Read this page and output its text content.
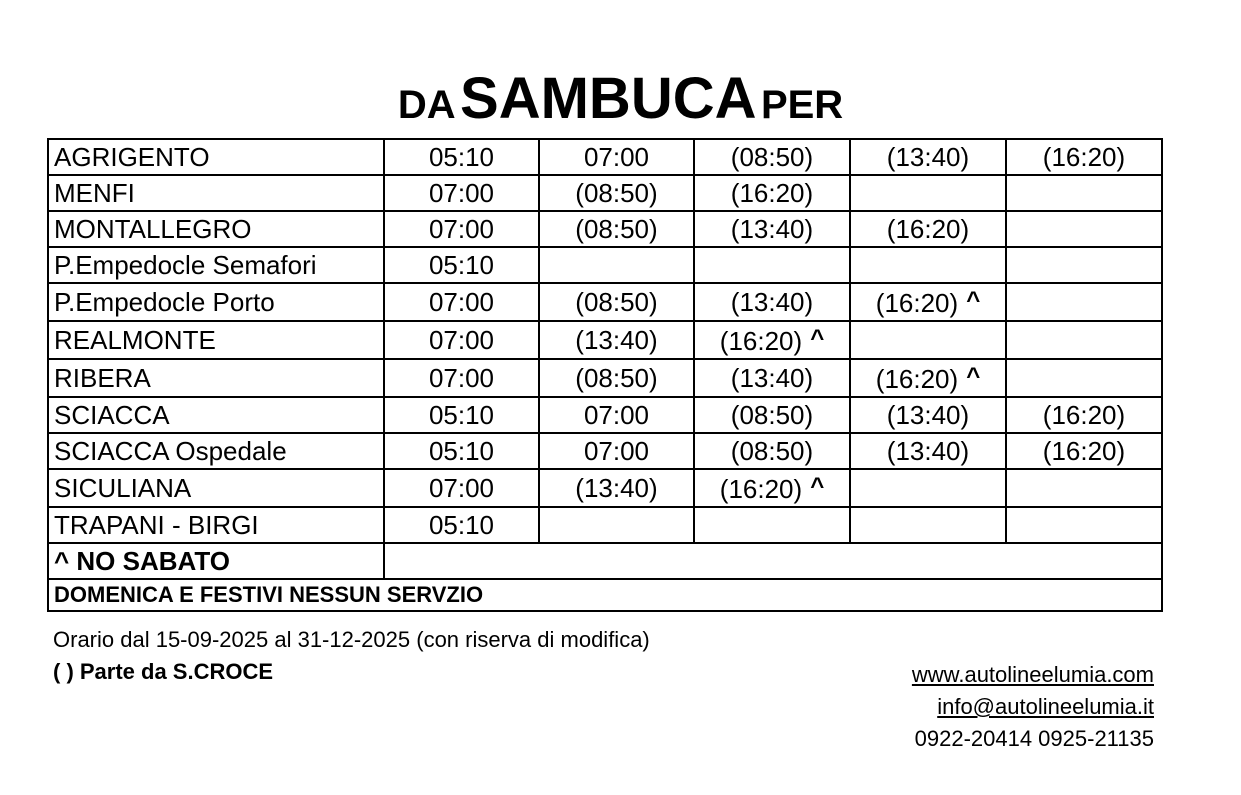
DA SAMBUCA PER
AGRIGENTO	05:10	07:00	(08:50)	(13:40)	(16:20)
MENFI	07:00	(08:50)	(16:20)		
MONTALLEGRO	07:00	(08:50)	(13:40)	(16:20)	
P.Empedocle Semafori	05:10				
P.Empedocle Porto	07:00	(08:50)	(13:40)	(16:20) ^	
REALMONTE	07:00	(13:40)	(16:20) ^		
RIBERA	07:00	(08:50)	(13:40)	(16:20) ^	
SCIACCA	05:10	07:00	(08:50)	(13:40)	(16:20)
SCIACCA Ospedale	05:10	07:00	(08:50)	(13:40)	(16:20)
SICULIANA	07:00	(13:40)	(16:20) ^		
TRAPANI - BIRGI	05:10				
^ NO SABATO					
DOMENICA E FESTIVI NESSUN SERVZIO					
Orario dal 15-09-2025 al 31-12-2025 (con riserva di modifica)
( ) Parte da S.CROCE	www.autolineelumia.com
info@autolineelumia.it
0922-20414 0925-21135
